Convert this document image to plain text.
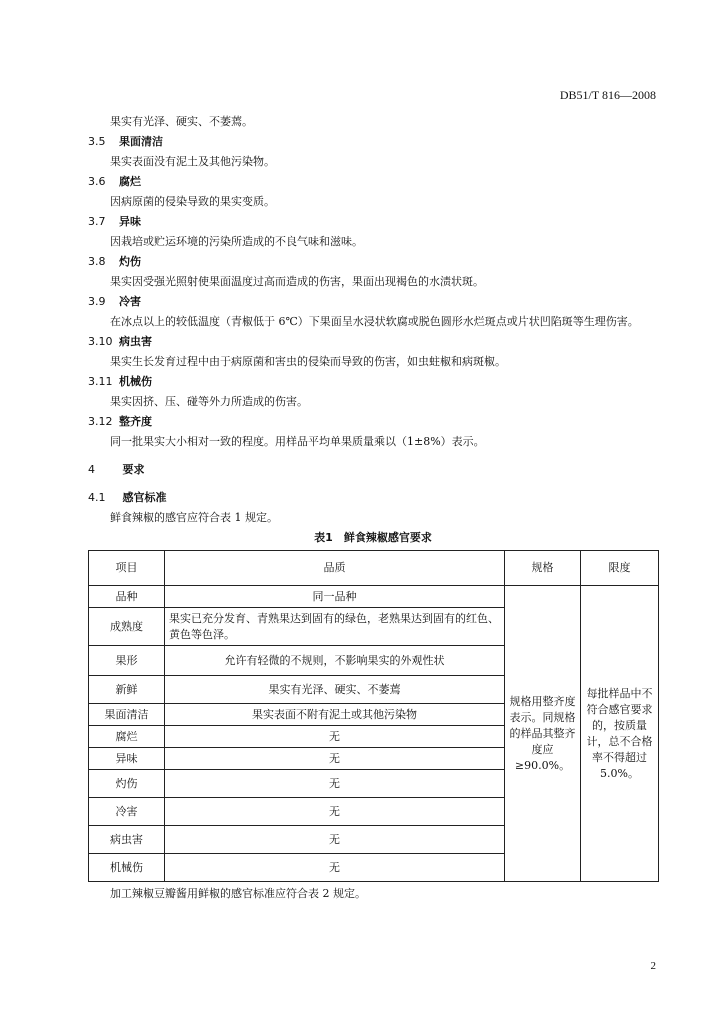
DB51/T 816—2008
果实有光泽、硬实、不萎蔫。
3.5 果面清洁
果实表面没有泥土及其他污染物。
3.6 腐烂
因病原菌的侵染导致的果实变质。
3.7 异味
因栽培或贮运环境的污染所造成的不良气味和滋味。
3.8 灼伤
果实因受强光照射使果面温度过高而造成的伤害，果面出现褐色的水渍状斑。
3.9 冷害
在冰点以上的较低温度（青椒低于 6℃）下果面呈水浸状软腐或脱色圆形水烂斑点或片状凹陷斑等生理伤害。
3.10 病虫害
果实生长发育过程中由于病原菌和害虫的侵染而导致的伤害，如虫蛀椒和病斑椒。
3.11 机械伤
果实因挤、压、碰等外力所造成的伤害。
3.12 整齐度
同一批果实大小相对一致的程度。用样品平均单果质量乘以（1±8%）表示。
4	要求
4.1 感官标准
鲜食辣椒的感官应符合表 1 规定。
表1　鲜食辣椒感官要求
项目	品质	规格	限度
品种	同一品种	规格用整齐度表示。同规格的样品其整齐度应≥90.0%。	每批样品中不符合感官要求的，按质量计，总不合格率不得超过 5.0%。
成熟度	果实已充分发育、青熟果达到固有的绿色，老熟果达到固有的红色、黄色等色泽。		
果形	允许有轻微的不规则，不影响果实的外观性状		
新鲜	果实有光泽、硬实、不萎蔫		
果面清洁	果实表面不附有泥土或其他污染物		
腐烂	无		
异味	无		
灼伤	无		
冷害	无		
病虫害	无		
机械伤	无		
加工辣椒豆瓣酱用鲜椒的感官标准应符合表 2 规定。
2
